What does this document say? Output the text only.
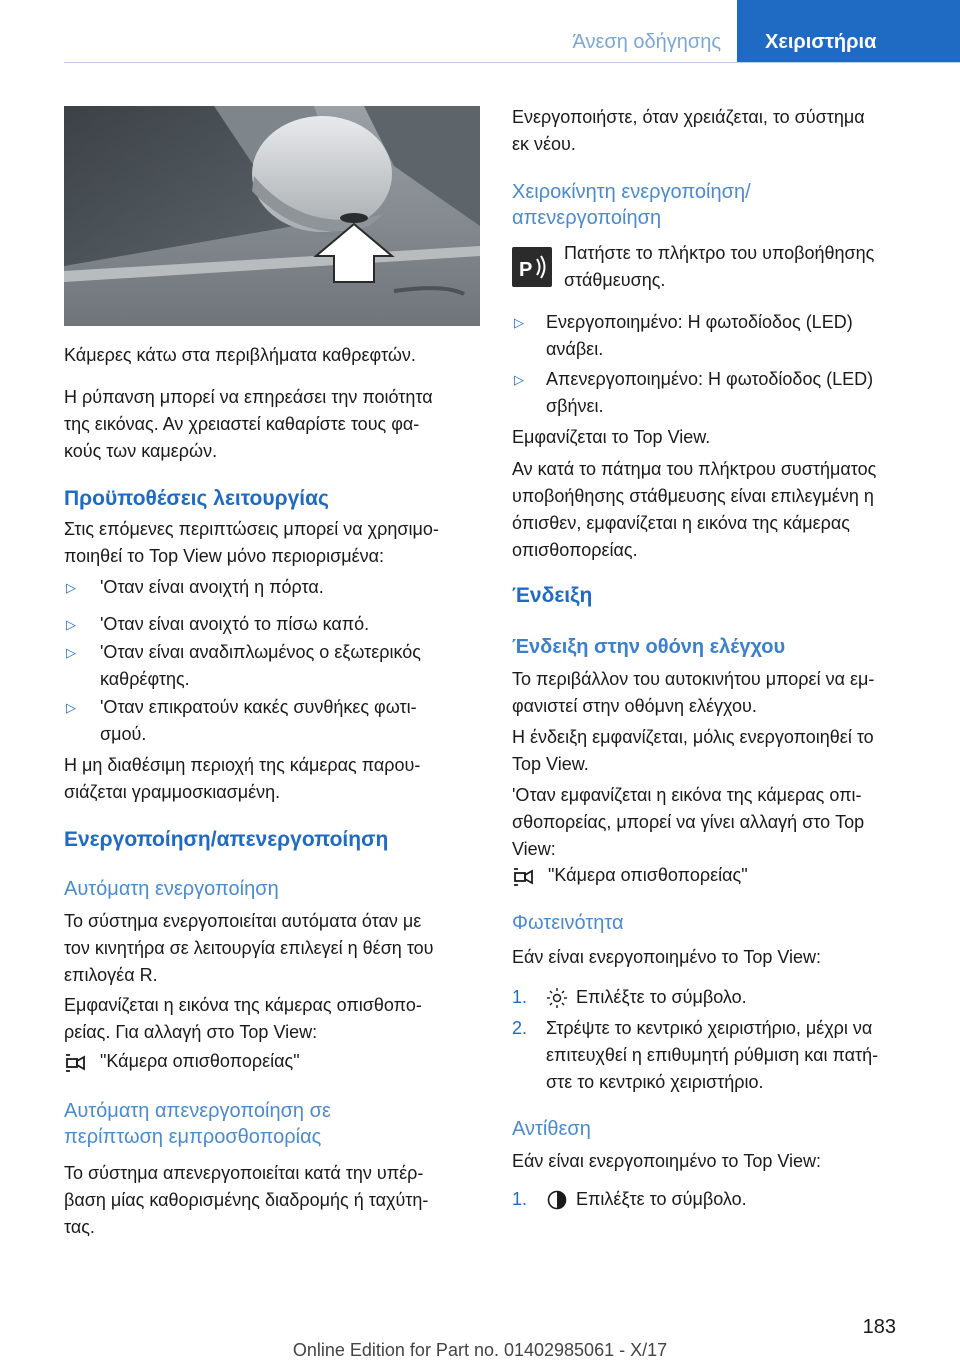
Άνεση οδήγησης Χειριστήρια
Κάμερες κάτω στα περιβλήματα καθρεφτών.
Η ρύπανση μπορεί να επηρεάσει την ποιότητα
της εικόνας. Αν χρειαστεί καθαρίστε τους φα‐
κούς των καμερών.
Προϋποθέσεις λειτουργίας
Στις επόμενες περιπτώσεις μπορεί να χρησιμο‐
ποιηθεί το Top View μόνο περιορισμένα:
▷ 'Οταν είναι ανοιχτή η πόρτα.
▷ 'Οταν είναι ανοιχτό το πίσω καπό.
▷ 'Οταν είναι αναδιπλωμένος ο εξωτερικός
καθρέφτης.
▷ 'Οταν επικρατούν κακές συνθήκες φωτι‐
σμού.
Η μη διαθέσιμη περιοχή της κάμερας παρου‐
σιάζεται γραμμοσκιασμένη.
Ενεργοποίηση/απενεργοποίηση
Αυτόματη ενεργοποίηση
Το σύστημα ενεργοποιείται αυτόματα όταν με
τον κινητήρα σε λειτουργία επιλεγεί η θέση του
επιλογέα R.
Εμφανίζεται η εικόνα της κάμερας οπισθοπο‐
ρείας. Για αλλαγή στο Top View:
"Κάμερα οπισθοπορείας"
Αυτόματη απενεργοποίηση σε
περίπτωση εμπροσθοπορίας
Το σύστημα απενεργοποιείται κατά την υπέρ‐
βαση μίας καθορισμένης διαδρομής ή ταχύτη‐
τας.
Ενεργοποιήστε, όταν χρειάζεται, το σύστημα
εκ νέου.
Χειροκίνητη ενεργοποίηση/
απενεργοποίηση
P
Πατήστε το πλήκτρο του υποβοήθησης
στάθμευσης.
▷ Ενεργοποιημένο: Η φωτοδίοδος (LED)
ανάβει.
▷ Απενεργοποιημένο: Η φωτοδίοδος (LED)
σβήνει.
Εμφανίζεται το Top View.
Αν κατά το πάτημα του πλήκτρου συστήματος
υποβοήθησης στάθμευσης είναι επιλεγμένη η
όπισθεν, εμφανίζεται η εικόνα της κάμερας
οπισθοπορείας.
Ένδειξη
Ένδειξη στην οθόνη ελέγχου
Το περιβάλλον του αυτοκινήτου μπορεί να εμ‐
φανιστεί στην οθόμνη ελέγχου.
Η ένδειξη εμφανίζεται, μόλις ενεργοποιηθεί το
Top View.
'Οταν εμφανίζεται η εικόνα της κάμερας οπι‐
σθοπορείας, μπορεί να γίνει αλλαγή στο Top
View:
"Κάμερα οπισθοπορείας"
Φωτεινότητα
Εάν είναι ενεργοποιημένο το Top View:
1.	Επιλέξτε το σύμβολο.
2. Στρέψτε το κεντρικό χειριστήριο, μέχρι να
επιτευχθεί η επιθυμητή ρύθμιση και πατή‐
στε το κεντρικό χειριστήριο.
Αντίθεση
Εάν είναι ενεργοποιημένο το Top View:
1.	Επιλέξτε το σύμβολο.
183
Online Edition for Part no. 01402985061 - X/17
